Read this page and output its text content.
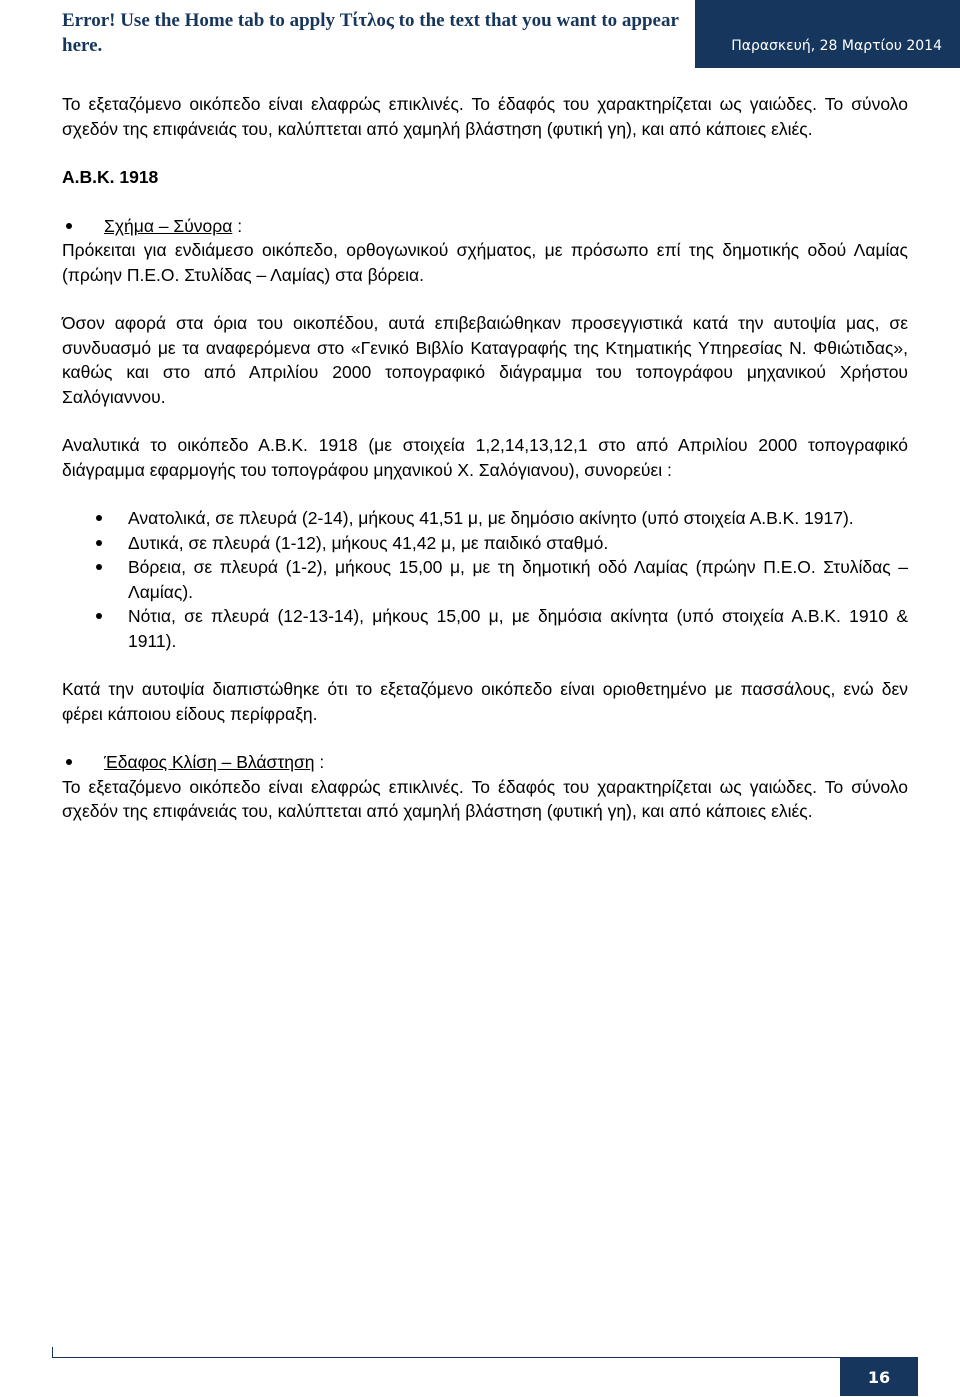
Error! Use the Home tab to apply Τίτλος to the text that you want to appear here.	Παρασκευή, 28 Μαρτίου 2014

Το εξεταζόμενο οικόπεδο είναι ελαφρώς επικλινές. Το έδαφός του χαρακτηρίζεται ως γαιώδες. Το σύνολο σχεδόν της επιφάνειάς του, καλύπτεται από χαμηλή βλάστηση (φυτική γη), και από κάποιες ελιές.

Α.Β.Κ. 1918

Σχήμα – Σύνορα :

Πρόκειται για ενδιάμεσο οικόπεδο, ορθογωνικού σχήματος, με πρόσωπο επί της δημοτικής οδού Λαμίας (πρώην Π.Ε.Ο. Στυλίδας – Λαμίας) στα βόρεια.

Όσον αφορά στα όρια του οικοπέδου, αυτά επιβεβαιώθηκαν προσεγγιστικά κατά την αυτοψία μας, σε συνδυασμό με τα αναφερόμενα στο «Γενικό Βιβλίο Καταγραφής της Κτηματικής Υπηρεσίας Ν. Φθιώτιδας», καθώς και στο από Απριλίου 2000 τοπογραφικό διάγραμμα του τοπογράφου μηχανικού Χρήστου Σαλόγιαννου.

Αναλυτικά το οικόπεδο Α.Β.Κ. 1918 (με στοιχεία 1,2,14,13,12,1 στο από Απριλίου 2000 τοπογραφικό διάγραμμα εφαρμογής του τοπογράφου μηχανικού Χ. Σαλόγιανου), συνορεύει :

Ανατολικά, σε πλευρά (2-14), μήκους 41,51 μ, με δημόσιο ακίνητο (υπό στοιχεία Α.Β.Κ. 1917).

Δυτικά, σε πλευρά (1-12), μήκους 41,42 μ, με παιδικό σταθμό.

Βόρεια, σε πλευρά (1-2), μήκους 15,00 μ, με τη δημοτική οδό Λαμίας (πρώην Π.Ε.Ο. Στυλίδας – Λαμίας).

Νότια, σε πλευρά (12-13-14), μήκους 15,00 μ, με δημόσια ακίνητα (υπό στοιχεία Α.Β.Κ. 1910 & 1911).

Κατά την αυτοψία διαπιστώθηκε ότι το εξεταζόμενο οικόπεδο είναι οριοθετημένο με πασσάλους, ενώ δεν φέρει κάποιου είδους περίφραξη.

Έδαφος Κλίση – Βλάστηση :

Το εξεταζόμενο οικόπεδο είναι ελαφρώς επικλινές. Το έδαφός του χαρακτηρίζεται ως γαιώδες. Το σύνολο σχεδόν της επιφάνειάς του, καλύπτεται από χαμηλή βλάστηση (φυτική γη), και από κάποιες ελιές.

16
